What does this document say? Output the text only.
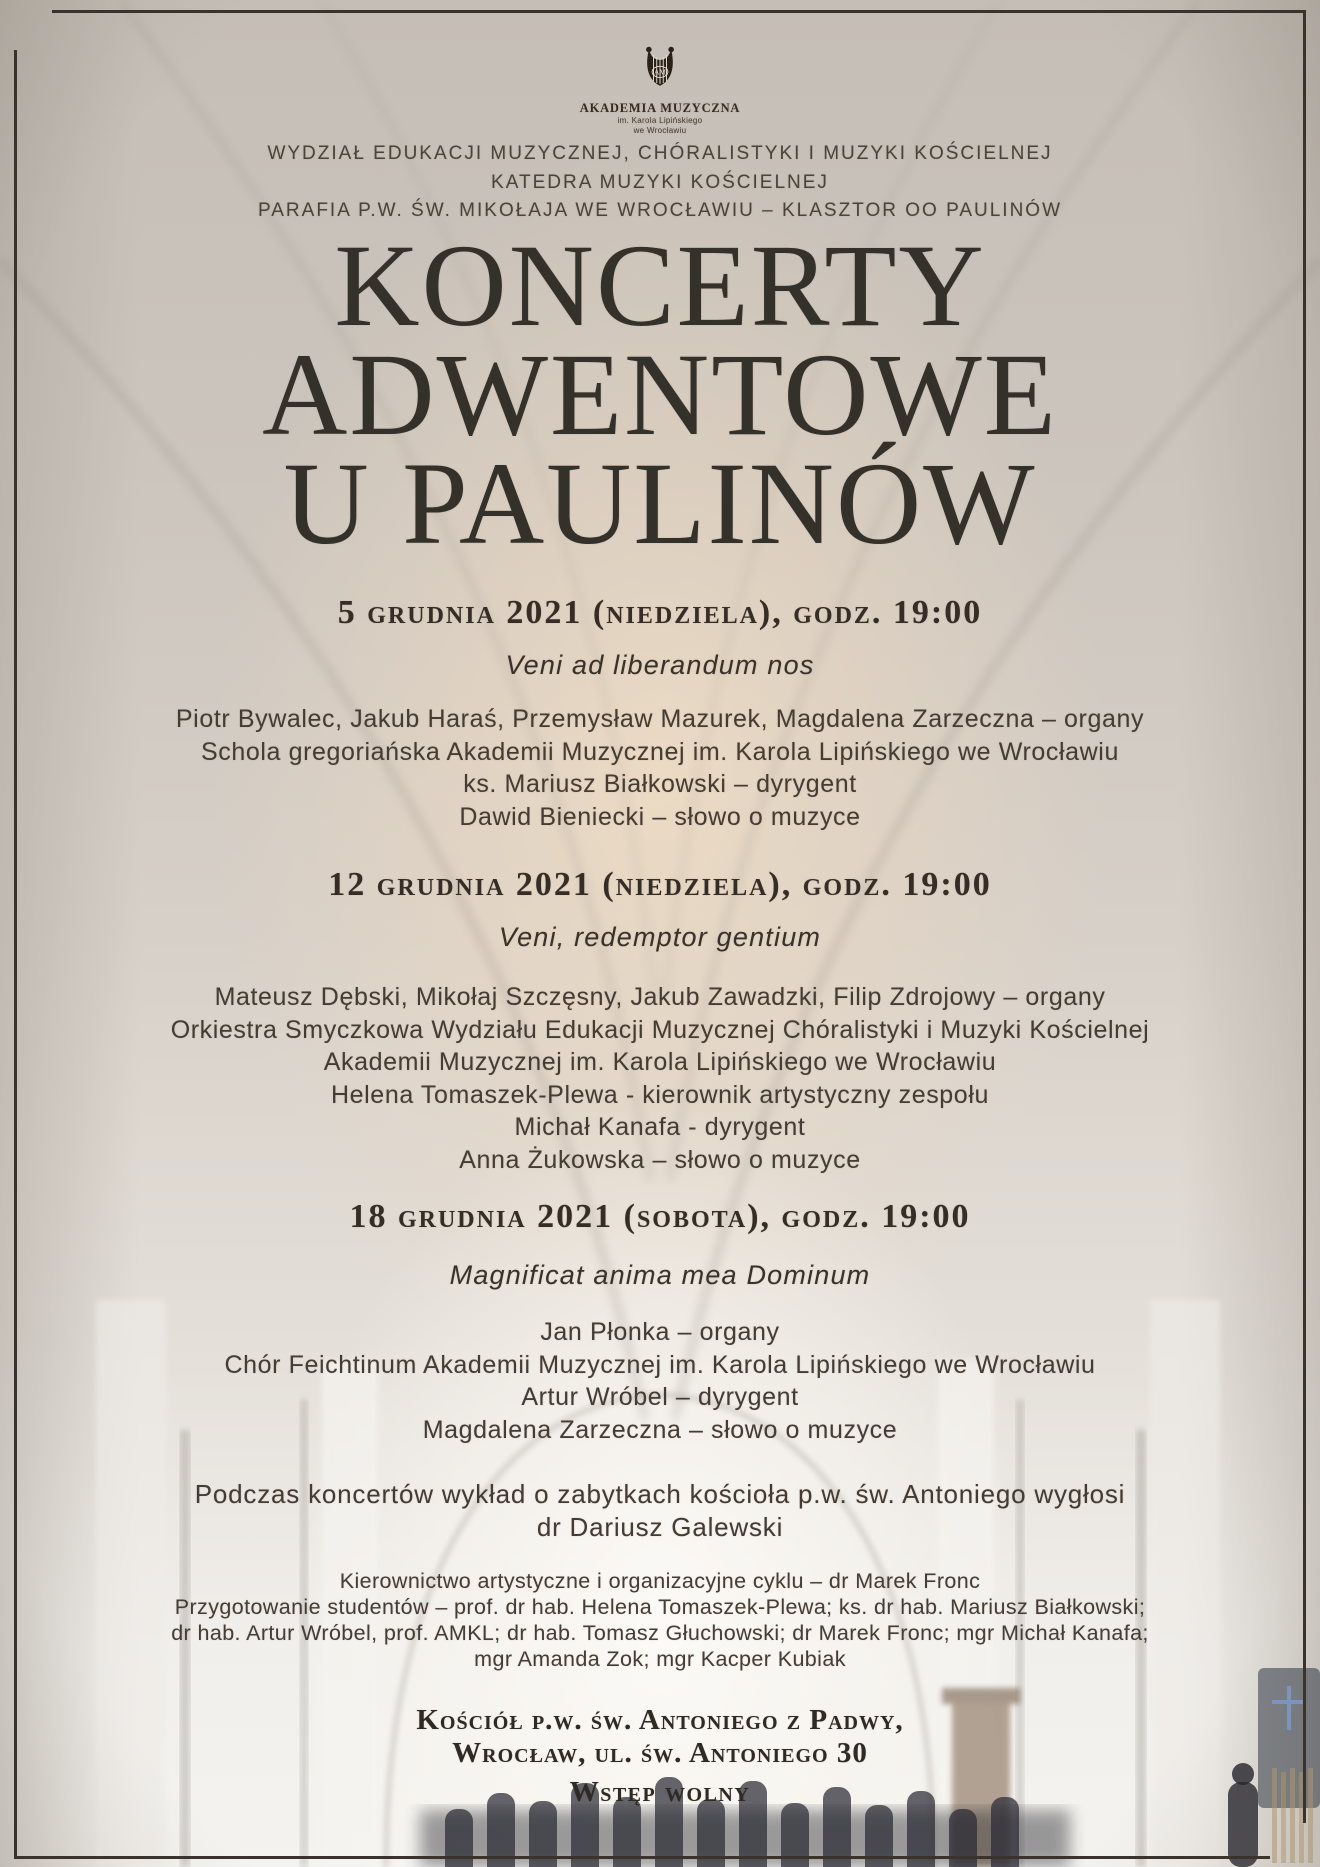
AM
AKADEMIA MUZYCZNA
im. Karola Lipińskiego
we Wrocławiu
WYDZIAŁ EDUKACJI MUZYCZNEJ, CHÓRALISTYKI I MUZYKI KOŚCIELNEJ
KATEDRA MUZYKI KOŚCIELNEJ
PARAFIA P.W. ŚW. MIKOŁAJA WE WROCŁAWIU – KLASZTOR OO PAULINÓW
KONCERTY
ADWENTOWE
U PAULINÓW
5 grudnia 2021 (niedziela), godz. 19:00
Veni ad liberandum nos
Piotr Bywalec, Jakub Haraś, Przemysław Mazurek, Magdalena Zarzeczna – organy
Schola gregoriańska Akademii Muzycznej im. Karola Lipińskiego we Wrocławiu
ks. Mariusz Białkowski – dyrygent
Dawid Bieniecki – słowo o muzyce
12 grudnia 2021 (niedziela), godz. 19:00
Veni, redemptor gentium
Mateusz Dębski, Mikołaj Szczęsny, Jakub Zawadzki, Filip Zdrojowy – organy
Orkiestra Smyczkowa Wydziału Edukacji Muzycznej Chóralistyki i Muzyki Kościelnej
Akademii Muzycznej im. Karola Lipińskiego we Wrocławiu
Helena Tomaszek-Plewa - kierownik artystyczny zespołu
Michał Kanafa - dyrygent
Anna Żukowska – słowo o muzyce
18 grudnia 2021 (sobota), godz. 19:00
Magnificat anima mea Dominum
Jan Płonka – organy
Chór Feichtinum Akademii Muzycznej im. Karola Lipińskiego we Wrocławiu
Artur Wróbel – dyrygent
Magdalena Zarzeczna – słowo o muzyce
Podczas koncertów wykład o zabytkach kościoła p.w. św. Antoniego wygłosi
dr Dariusz Galewski
Kierownictwo artystyczne i organizacyjne cyklu – dr Marek Fronc
Przygotowanie studentów – prof. dr hab. Helena Tomaszek-Plewa; ks. dr hab. Mariusz Białkowski;
dr hab. Artur Wróbel, prof. AMKL; dr hab. Tomasz Głuchowski; dr Marek Fronc; mgr Michał Kanafa;
mgr Amanda Zok; mgr Kacper Kubiak
Kościół p.w. św. Antoniego z Padwy,
Wrocław, ul. św. Antoniego 30
Wstęp wolny
